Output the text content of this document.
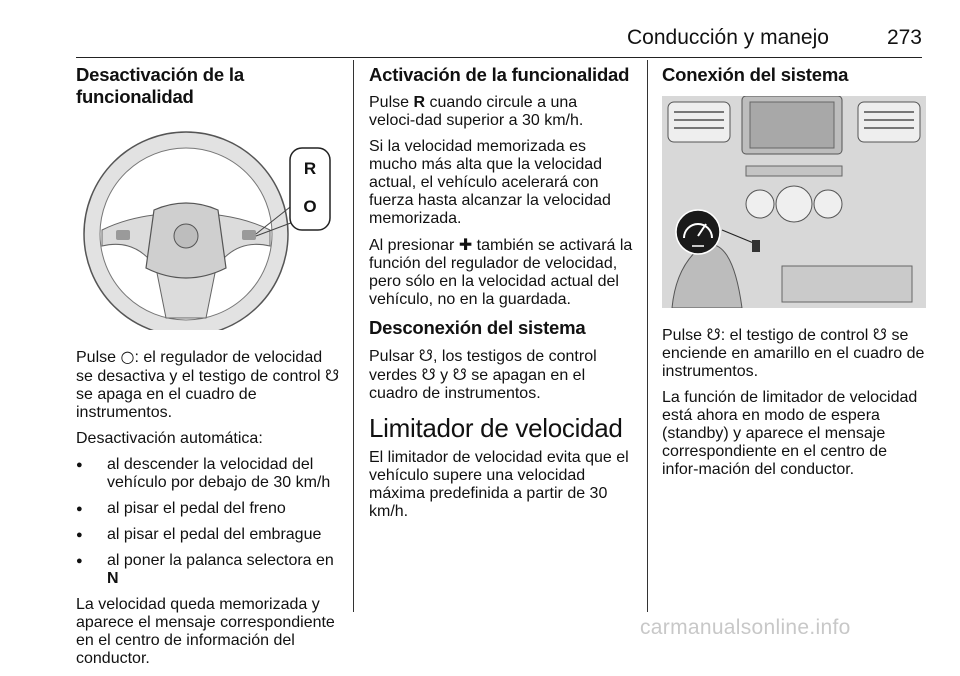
Conducción y manejo	273
Desactivación de la funcionalidad
R
O

Pulse ○: el regulador de velocidad se desactiva y el testigo de control ☋ se apaga en el cuadro de instrumentos.

Desactivación automática:

● al descender la velocidad del vehículo por debajo de 30 km/h
● al pisar el pedal del freno
● al pisar el pedal del embrague
● al poner la palanca selectora en N

La velocidad queda memorizada y aparece el mensaje correspondiente en el centro de información del conductor.

Activación de la funcionalidad

Pulse R cuando circule a una veloci‑dad superior a 30 km/h.

Si la velocidad memorizada es mucho más alta que la velocidad actual, el vehículo acelerará con fuerza hasta alcanzar la velocidad memorizada.

Al presionar ✚ también se activará la función del regulador de velocidad, pero sólo en la velocidad actual del vehículo, no en la guardada.

Desconexión del sistema

Pulsar ☋, los testigos de control verdes ☋ y ☋ se apagan en el cuadro de instrumentos.

Limitador de velocidad

El limitador de velocidad evita que el vehículo supere una velocidad máxima predefinida a partir de 30 km/h.

Conexión del sistema

Pulse ☋: el testigo de control ☋ se enciende en amarillo en el cuadro de instrumentos.

La función de limitador de velocidad está ahora en modo de espera (standby) y aparece el mensaje correspondiente en el centro de infor‑mación del conductor.

carmanualsonline.info
